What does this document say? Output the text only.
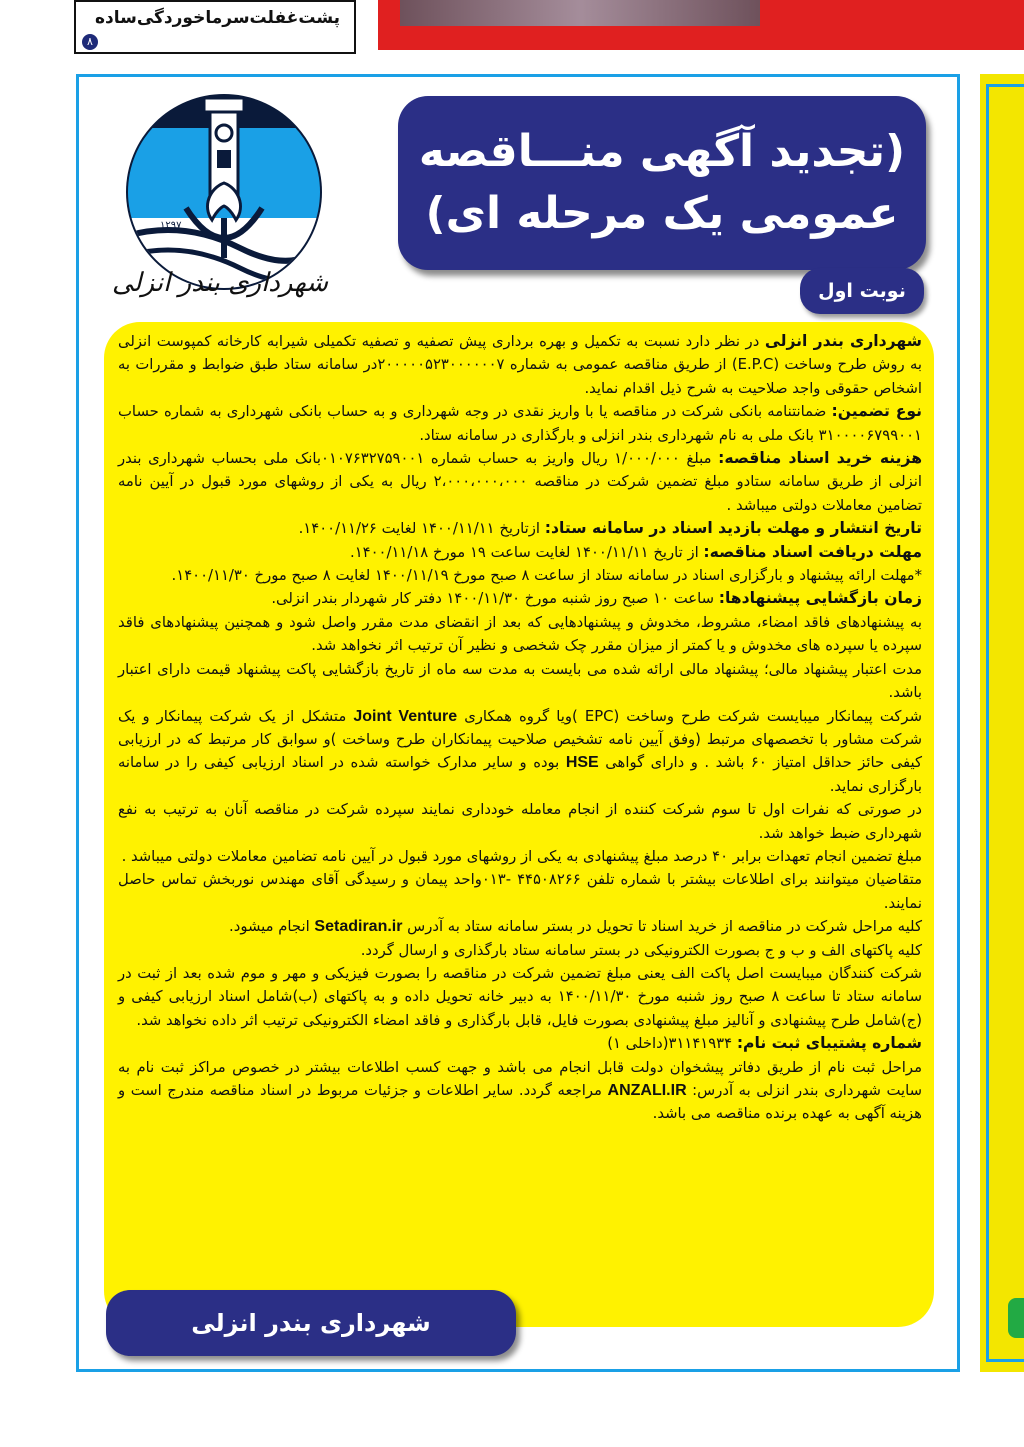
پشت‌غفلت‌سرماخوردگی‌ساده
۸
۱۲۹۷
شهرداری بندر انزلی
(تجدید آگهی منـــاقصه
عمومی یک مرحله ای)
نوبت اول

شهرداری بندر انزلی در نظر دارد نسبت به تکمیل و بهره برداری پیش تصفیه و تصفیه تکمیلی شیرابه کارخانه کمپوست انزلی به روش طرح وساخت (E.P.C) از طریق مناقصه عمومی به شماره ۲۰۰۰۰۰۵۲۳۰۰۰۰۰۰۷در سامانه ستاد طبق ضوابط و مقررات به اشخاص حقوقی واجد صلاحیت به شرح ذیل اقدام نماید.

نوع تضمین: ضمانتنامه بانکی شرکت در مناقصه یا با واریز نقدی در وجه شهرداری و به حساب بانکی شهرداری به شماره حساب ۳۱۰۰۰۰۶۷۹۹۰۰۱ بانک ملی به نام شهرداری بندر انزلی و بارگذاری در سامانه ستاد.

هزینه خرید اسناد مناقصه: مبلغ ۱/۰۰۰/۰۰۰ ریال واریز به حساب شماره ۰۱۰۷۶۳۲۷۵۹۰۰۱بانک ملی بحساب شهرداری بندر انزلی از طریق سامانه ستادو مبلغ تضمین شرکت در مناقصه ۲،۰۰۰،۰۰۰،۰۰۰ ریال به یکی از روشهای مورد قبول در آیین نامه تضامین معاملات دولتی میباشد .

تاریخ انتشار و مهلت بازدید اسناد در سامانه ستاد: ازتاریخ ۱۴۰۰/۱۱/۱۱ لغایت ۱۴۰۰/۱۱/۲۶.

مهلت دریافت اسناد مناقصه: از تاریخ ۱۴۰۰/۱۱/۱۱ لغایت ساعت ۱۹ مورخ ۱۴۰۰/۱۱/۱۸.

*مهلت ارائه پیشنهاد و بارگزاری اسناد در سامانه ستاد از ساعت ۸ صبح مورخ ۱۴۰۰/۱۱/۱۹ لغایت ۸ صبح مورخ ۱۴۰۰/۱۱/۳۰.

زمان بازگشایی پیشنهادها: ساعت ۱۰ صبح روز شنبه مورخ ۱۴۰۰/۱۱/۳۰ دفتر کار شهردار بندر انزلی.

به پیشنهادهای فاقد امضاء، مشروط، مخدوش و پیشنهادهایی که بعد از انقضای مدت مقرر واصل شود و همچنین پیشنهادهای فاقد سپرده یا سپرده های مخدوش و یا کمتر از میزان مقرر چک شخصی و نظیر آن ترتیب اثر نخواهد شد.

مدت اعتبار پیشنهاد مالی؛ پیشنهاد مالی ارائه شده می بایست به مدت سه ماه از تاریخ بازگشایی پاکت پیشنهاد قیمت دارای اعتبار باشد.

شرکت پیمانکار میبایست شرکت طرح وساخت (EPC )ویا گروه همکاری Joint Venture متشکل از یک شرکت پیمانکار و یک شرکت مشاور با تخصصهای مرتبط (وفق آیین نامه تشخیص صلاحیت پیمانکاران طرح وساخت )و سوابق کار مرتبط که در ارزیابی کیفی حائز حداقل امتیاز ۶۰ باشد . و دارای گواهی HSE بوده و سایر مدارک خواسته شده در اسناد ارزیابی کیفی را در سامانه بارگزاری نماید.

در صورتی که نفرات اول تا سوم شرکت کننده از انجام معامله خودداری نمایند سپرده شرکت در مناقصه آنان به ترتیب به نفع شهرداری ضبط خواهد شد.

مبلغ تضمین انجام تعهدات برابر ۴۰ درصد مبلغ پیشنهادی به یکی از روشهای مورد قبول در آیین نامه تضامین معاملات دولتی میباشد .

متقاضیان میتوانند برای اطلاعات بیشتر با شماره تلفن ۴۴۵۰۸۲۶۶ -۰۱۳واحد پیمان و رسیدگی آقای مهندس نوربخش تماس حاصل نمایند.

کلیه مراحل شرکت در مناقصه از خرید اسناد تا تحویل در بستر سامانه ستاد به آدرس Setadiran.ir انجام میشود.

کلیه پاکتهای الف و ب و ج بصورت الکترونیکی در بستر سامانه ستاد بارگذاری و ارسال گردد.

شرکت کنندگان میبایست اصل پاکت الف یعنی مبلغ تضمین شرکت در مناقصه را بصورت فیزیکی و مهر و موم شده بعد از ثبت در سامانه ستاد تا ساعت ۸ صبح روز شنبه مورخ ۱۴۰۰/۱۱/۳۰ به دبیر خانه تحویل داده و به پاکتهای (ب)شامل اسناد ارزیابی کیفی و (ج)شامل طرح پیشنهادی و آنالیز مبلغ پیشنهادی بصورت فایل، قابل بارگذاری و فاقد امضاء الکترونیکی ترتیب اثر داده نخواهد شد.

شماره پشتیبای ثبت نام: ۳۱۱۴۱۹۳۴(داخلی ۱)

مراحل ثبت نام از طریق دفاتر پیشخوان دولت قابل انجام می باشد و جهت کسب اطلاعات بیشتر در خصوص مراکز ثبت نام به سایت شهرداری بندر انزلی به آدرس: ANZALI.IR مراجعه گردد. سایر اطلاعات و جزئیات مربوط در اسناد مناقصه مندرج است و هزینه آگهی به عهده برنده مناقصه می باشد.

شهرداری بندر انزلی
